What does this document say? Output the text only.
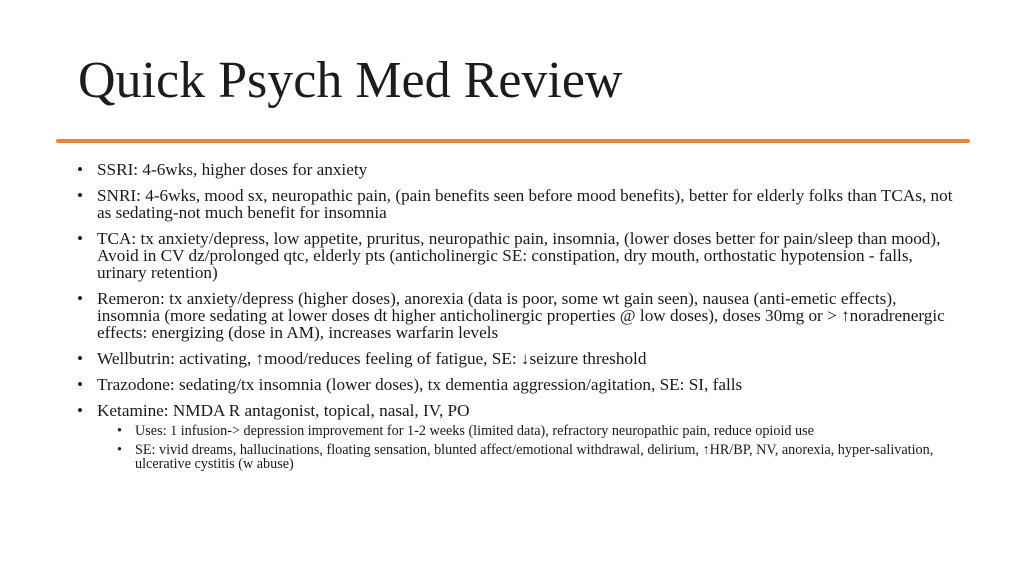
Quick Psych Med Review
• SSRI: 4-6wks, higher doses for anxiety
• SNRI: 4-6wks, mood sx, neuropathic pain, (pain benefits seen before mood benefits), better for elderly folks than TCAs, not as sedating-not much benefit for insomnia
• TCA: tx anxiety/depress, low appetite, pruritus, neuropathic pain, insomnia, (lower doses better for pain/sleep than mood), Avoid in CV dz/prolonged qtc, elderly pts (anticholinergic SE: constipation, dry mouth, orthostatic hypotension - falls, urinary retention)
• Remeron: tx anxiety/depress (higher doses), anorexia (data is poor, some wt gain seen), nausea (anti-emetic effects), insomnia (more sedating at lower doses dt higher anticholinergic properties @ low doses), doses 30mg or > ↑noradrenergic effects: energizing (dose in AM), increases warfarin levels
• Wellbutrin: activating, ↑mood/reduces feeling of fatigue, SE: ↓seizure threshold
• Trazodone: sedating/tx insomnia (lower doses), tx dementia aggression/agitation, SE: SI, falls
• Ketamine: NMDA R antagonist, topical, nasal, IV, PO
• Uses: 1 infusion-> depression improvement for 1-2 weeks (limited data), refractory neuropathic pain, reduce opioid use
• SE: vivid dreams, hallucinations, floating sensation, blunted affect/emotional withdrawal, delirium, ↑HR/BP, NV, anorexia, hyper-salivation, ulcerative cystitis (w abuse)
